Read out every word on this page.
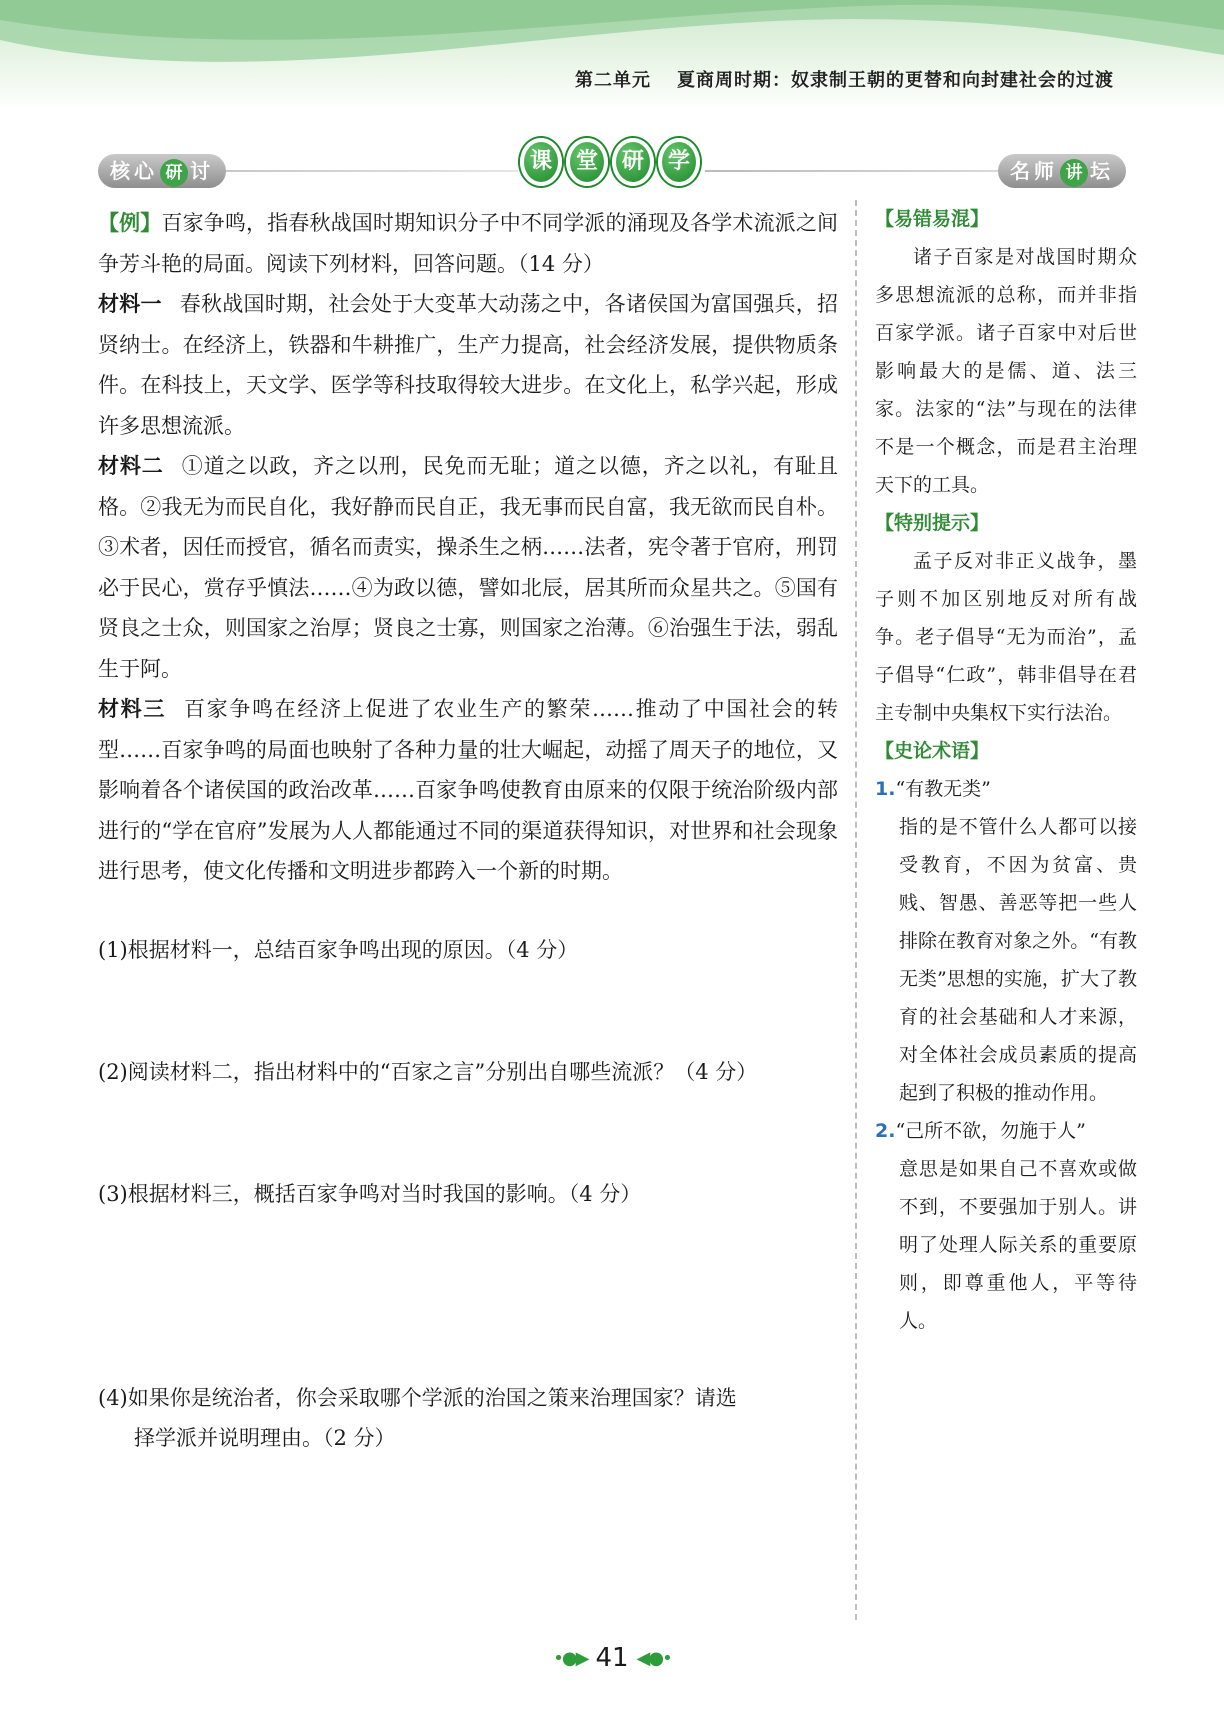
第二单元 夏商周时期：奴隶制王朝的更替和向封建社会的过渡
核心 研 讨	课	堂	研	学	名师 讲 坛

【例】百家争鸣，指春秋战国时期知识分子中不同学派的涌现及各学术流派之间争芳斗艳的局面。阅读下列材料，回答问题。（14 分）

材料一 春秋战国时期，社会处于大变革大动荡之中，各诸侯国为富国强兵，招贤纳士。在经济上，铁器和牛耕推广，生产力提高，社会经济发展，提供物质条件。在科技上，天文学、医学等科技取得较大进步。在文化上，私学兴起，形成许多思想流派。

材料二 ①道之以政，齐之以刑，民免而无耻；道之以德，齐之以礼，有耻且格。②我无为而民自化，我好静而民自正，我无事而民自富，我无欲而民自朴。③术者，因任而授官，循名而责实，操杀生之柄……法者，宪令著于官府，刑罚必于民心，赏存乎慎法……④为政以德，譬如北辰，居其所而众星共之。⑤国有贤良之士众，则国家之治厚；贤良之士寡，则国家之治薄。⑥治强生于法，弱乱生于阿。

材料三 百家争鸣在经济上促进了农业生产的繁荣……推动了中国社会的转型……百家争鸣的局面也映射了各种力量的壮大崛起，动摇了周天子的地位，又影响着各个诸侯国的政治改革……百家争鸣使教育由原来的仅限于统治阶级内部进行的“学在官府”发展为人人都能通过不同的渠道获得知识，对世界和社会现象进行思考，使文化传播和文明进步都跨入一个新的时期。

(1)根据材料一，总结百家争鸣出现的原因。（4 分）
(2)阅读材料二，指出材料中的“百家之言”分别出自哪些流派？（4 分）
(3)根据材料三，概括百家争鸣对当时我国的影响。（4 分）
(4)如果你是统治者，你会采取哪个学派的治国之策来治理国家？请选
择学派并说明理由。（2 分）
【易错易混】

诸子百家是对战国时期众多思想流派的总称，而并非指百家学派。诸子百家中对后世影响最大的是儒、道、法三家。法家的“法”与现在的法律不是一个概念，而是君主治理天下的工具。

【特别提示】

孟子反对非正义战争，墨子则不加区别地反对所有战争。老子倡导“无为而治”，孟子倡导“仁政”，韩非倡导在君主专制中央集权下实行法治。

【史论术语】
1.“有教无类”

指的是不管什么人都可以接受教育，不因为贫富、贵贱、智愚、善恶等把一些人排除在教育对象之外。“有教无类”思想的实施，扩大了教育的社会基础和人才来源，对全体社会成员素质的提高起到了积极的推动作用。

2.“己所不欲，勿施于人”

意思是如果自己不喜欢或做不到，不要强加于别人。讲明了处理人际关系的重要原则，即尊重他人，平等待人。

•●▶ 41 ◀●•
